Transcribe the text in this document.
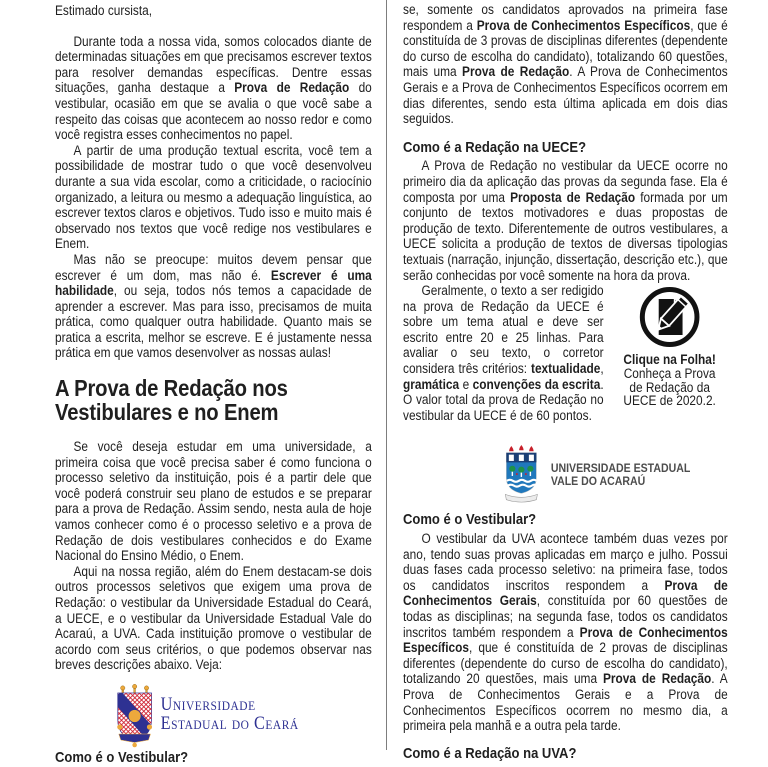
Estimado cursista,

Durante toda a nossa vida, somos colocados diante de determinadas situações em que precisamos escrever textos para resolver demandas específicas. Dentre essas situações, ganha destaque a Prova de Redação do vestibular, ocasião em que se avalia o que você sabe a respeito das coisas que acontecem ao nosso redor e como você registra esses conhecimentos no papel.

A partir de uma produção textual escrita, você tem a possibilidade de mostrar tudo o que você desenvolveu durante a sua vida escolar, como a criticidade, o raciocínio organizado, a leitura ou mesmo a adequação linguística, ao escrever textos claros e objetivos. Tudo isso e muito mais é observado nos textos que você redige nos vestibulares e Enem.

Mas não se preocupe: muitos devem pensar que escrever é um dom, mas não é. Escrever é uma habilidade, ou seja, todos nós temos a capacidade de aprender a escrever. Mas para isso, precisamos de muita prática, como qualquer outra habilidade. Quanto mais se pratica a escrita, melhor se escreve. E é justamente nessa prática em que vamos desenvolver as nossas aulas!

A Prova de Redação nos
Vestibulares e no Enem

Se você deseja estudar em uma universidade, a primeira coisa que você precisa saber é como funciona o processo seletivo da instituição, pois é a partir dele que você poderá construir seu plano de estudos e se preparar para a prova de Redação. Assim sendo, nesta aula de hoje vamos conhecer como é o processo seletivo e a prova de Redação de dois vestibulares conhecidos e do Exame Nacional do Ensino Médio, o Enem.

Aqui na nossa região, além do Enem destacam-se dois outros processos seletivos que exigem uma prova de Redação: o vestibular da Universidade Estadual do Ceará, a UECE, e o vestibular da Universidade Estadual Vale do Acaraú, a UVA. Cada instituição promove o vestibular de acordo com seus critérios, o que podemos observar nas breves descrições abaixo. Veja:

Universidade
Estadual do Ceará
Como é o Vestibular?

se, somente os candidatos aprovados na primeira fase respondem a Prova de Conhecimentos Específicos, que é constituída de 3 provas de disciplinas diferentes (dependente do curso de escolha do candidato), totalizando 60 questões, mais uma Prova de Redação. A Prova de Conhecimentos Gerais e a Prova de Conhecimentos Específicos ocorrem em dias diferentes, sendo esta última aplicada em dois dias seguidos.

Como é a Redação na UECE?

A Prova de Redação no vestibular da UECE ocorre no primeiro dia da aplicação das provas da segunda fase. Ela é composta por uma Proposta de Redação formada por um conjunto de textos motivadores e duas propostas de produção de texto. Diferentemente de outros vestibulares, a UECE solicita a produção de textos de diversas tipologias textuais (narração, injunção, dissertação, descrição etc.), que serão conhecidas por você somente na hora da prova.

Clique na Folha!
Conheça a Prova
de Redação da
UECE de 2020.2.

Geralmente, o texto a ser redigido na prova de Redação da UECE é sobre um tema atual e deve ser escrito entre 20 e 25 linhas. Para avaliar o seu texto, o corretor considera três critérios: textualidade, gramática e convenções da escrita. O valor total da prova de Redação no vestibular da UECE é de 60 pontos.

UNIVERSIDADE ESTADUAL
VALE DO ACARAÚ
Como é o Vestibular?

O vestibular da UVA acontece também duas vezes por ano, tendo suas provas aplicadas em março e julho. Possui duas fases cada processo seletivo: na primeira fase, todos os candidatos inscritos respondem a Prova de Conhecimentos Gerais, constituída por 60 questões de todas as disciplinas; na segunda fase, todos os candidatos inscritos também respondem a Prova de Conhecimentos Específicos, que é constituída de 2 provas de disciplinas diferentes (dependente do curso de escolha do candidato), totalizando 20 questões, mais uma Prova de Redação. A Prova de Conhecimentos Gerais e a Prova de Conhecimentos Específicos ocorrem no mesmo dia, a primeira pela manhã e a outra pela tarde.

Como é a Redação na UVA?
